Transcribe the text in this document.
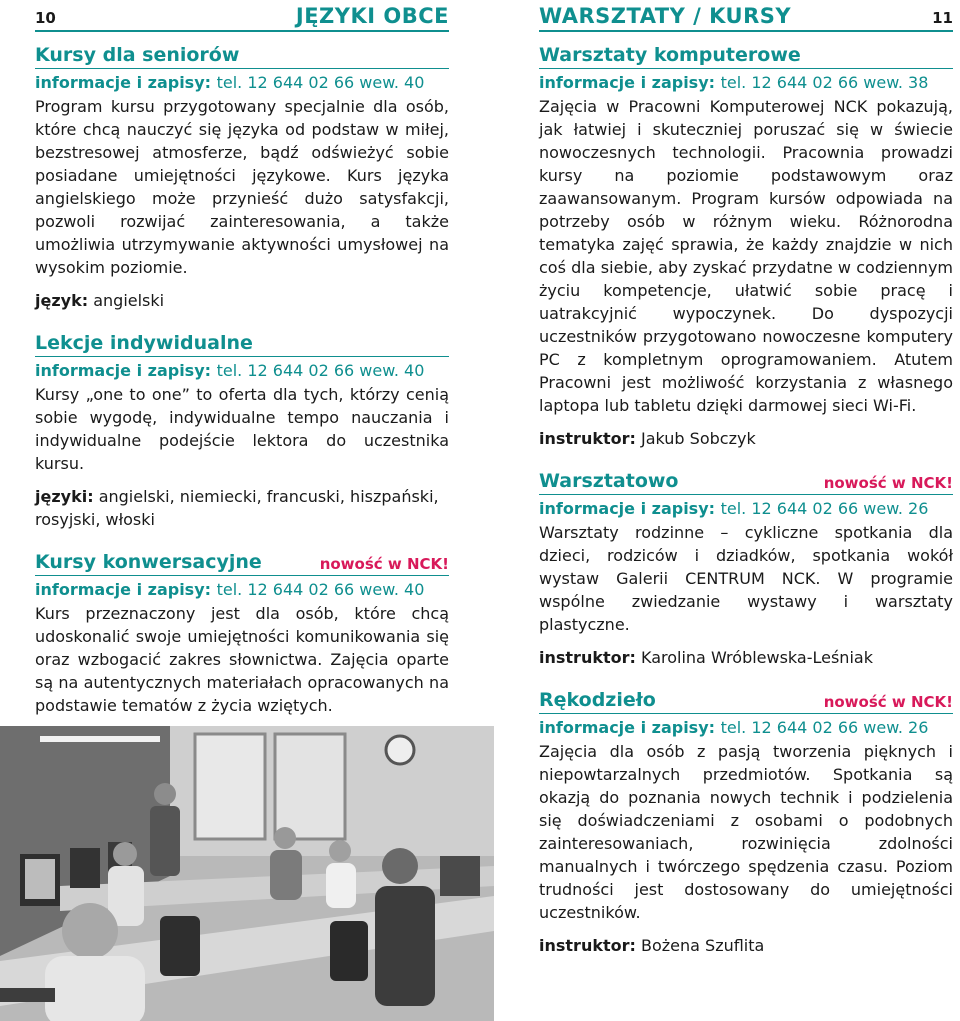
10	JĘZYKI OBCE
Kursy dla seniorów
informacje i zapisy: tel. 12 644 02 66 wew. 40
Program kursu przygotowany specjalnie dla osób, które chcą nauczyć się języka od podstaw w miłej, bezstresowej atmosferze, bądź odświeżyć sobie posiadane umiejętności językowe. Kurs języka angielskiego może przynieść dużo satysfakcji, pozwoli rozwijać zainteresowania, a także umożliwia utrzymywanie aktywności umysłowej na wysokim poziomie.
język: angielski
Lekcje indywidualne
informacje i zapisy: tel. 12 644 02 66 wew. 40
Kursy „one to one” to oferta dla tych, którzy cenią sobie wygodę, indywidualne tempo nauczania i indywidualne podejście lektora do uczestnika kursu.
języki: angielski, niemiecki, francuski, hiszpański, rosyjski, włoski
Kursy konwersacyjne	nowość w NCK!
informacje i zapisy: tel. 12 644 02 66 wew. 40
Kurs przeznaczony jest dla osób, które chcą udoskonalić swoje umiejętności komunikowania się oraz wzbogacić zakres słownictwa. Zajęcia oparte są na autentycznych materiałach opracowanych na podstawie tematów z życia wziętych.
WARSZTATY / KURSY	11
Warsztaty komputerowe
informacje i zapisy: tel. 12 644 02 66 wew. 38
Zajęcia w Pracowni Komputerowej NCK pokazują, jak łatwiej i skuteczniej poruszać się w świecie nowoczesnych technologii. Pracownia prowadzi kursy na poziomie podstawowym oraz zaawansowanym. Program kursów odpowiada na potrzeby osób w różnym wieku. Różnorodna tematyka zajęć sprawia, że każdy znajdzie w nich coś dla siebie, aby zyskać przydatne w codziennym życiu kompetencje, ułatwić sobie pracę i uatrakcyjnić wypoczynek. Do dyspozycji uczestników przygotowano nowoczesne komputery PC z kompletnym oprogramowaniem. Atutem Pracowni jest możliwość korzystania z własnego laptopa lub tabletu dzięki darmowej sieci Wi-Fi.
instruktor: Jakub Sobczyk
Warsztatowo	nowość w NCK!
informacje i zapisy: tel. 12 644 02 66 wew. 26
Warsztaty rodzinne – cykliczne spotkania dla dzieci, rodziców i dziadków, spotkania wokół wystaw Galerii CENTRUM NCK. W programie wspólne zwiedzanie wystawy i warsztaty plastyczne.
instruktor: Karolina Wróblewska-Leśniak
Rękodzieło	nowość w NCK!
informacje i zapisy: tel. 12 644 02 66 wew. 26
Zajęcia dla osób z pasją tworzenia pięknych i niepowtarzalnych przedmiotów. Spotkania są okazją do poznania nowych technik i podzielenia się doświadczeniami z osobami o podobnych zainteresowaniach, rozwinięcia zdolności manualnych i twórczego spędzenia czasu. Poziom trudności jest dostosowany do umiejętności uczestników.
instruktor: Bożena Szuflita
